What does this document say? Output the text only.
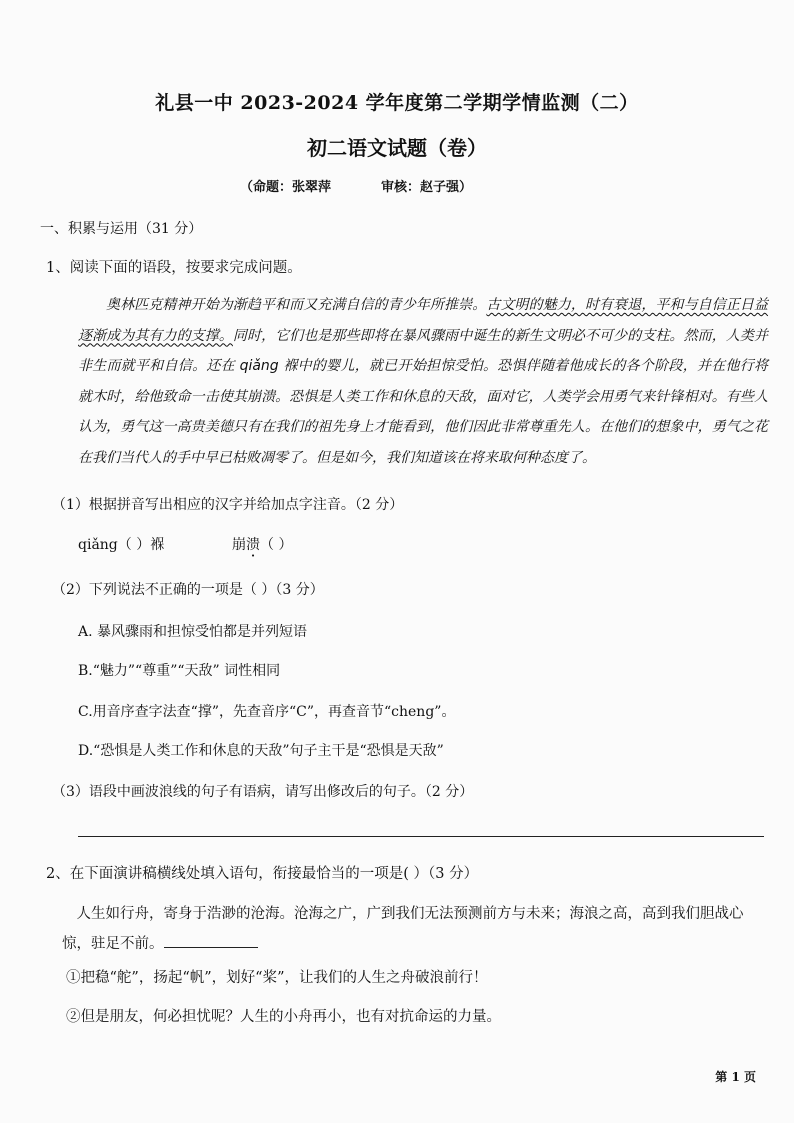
礼县一中 2023-2024 学年度第二学期学情监测（二）
初二语文试题（卷）
（命题：张翠萍	审核：赵子强）
一、积累与运用（31 分）
1、阅读下面的语段，按要求完成问题。
奥林匹克精神开始为渐趋平和而又充满自信的青少年所推崇。古文明的魅力，时有衰退，平和与自信正日益逐渐成为其有力的支撑。同时，它们也是那些即将在暴风骤雨中诞生的新生文明必不可少的支柱。然而，人类并非生而就平和自信。还在 qiǎng 褓中的婴儿，就已开始担惊受怕。恐惧伴随着他成长的各个阶段，并在他行将就木时，给他致命一击使其崩溃。恐惧是人类工作和休息的天敌，面对它，人类学会用勇气来针锋相对。有些人认为，勇气这一高贵美德只有在我们的祖先身上才能看到，他们因此非常尊重先人。在他们的想象中，勇气之花在我们当代人的手中早已枯败凋零了。但是如今，我们知道该在将来取何种态度了。
（1）根据拼音写出相应的汉字并给加点字注音。（2 分）
qiǎng（ ）褓	崩溃（ ）
（2）下列说法不正确的一项是（ ）（3 分）
A. 暴风骤雨和担惊受怕都是并列短语
B.“魅力”“尊重”“天敌” 词性相同
C.用音序查字法查“撑”，先查音序“C”，再查音节“cheng”。
D.“恐惧是人类工作和休息的天敌”句子主干是“恐惧是天敌”
（3）语段中画波浪线的句子有语病，请写出修改后的句子。（2 分）
2、在下面演讲稿横线处填入语句，衔接最恰当的一项是( ）（3 分）
人生如行舟，寄身于浩渺的沧海。沧海之广，广到我们无法预测前方与未来；海浪之高，高到我们胆战心惊，驻足不前。
①把稳“舵”，扬起“帆”，划好“桨”，让我们的人生之舟破浪前行！
②但是朋友，何必担忧呢？人生的小舟再小，也有对抗命运的力量。
第 1 页
